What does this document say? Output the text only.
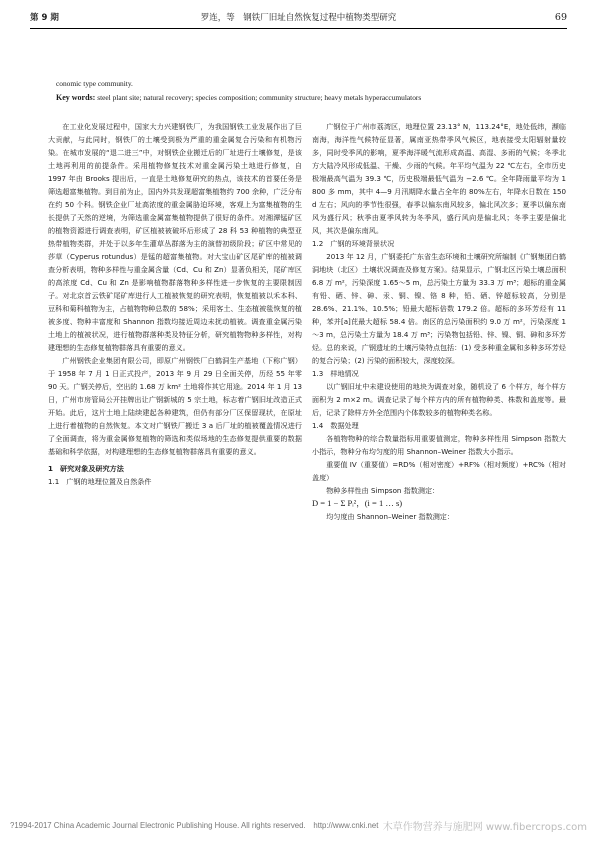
第 9 期	罗连，等　钢铁厂旧址自然恢复过程中植物类型研究	69
conomic type community.
Key words: steel plant site; natural recovery; species composition; community structure; heavy metals hyperaccumulators

在工业化发展过程中，国家大力兴建钢铁厂，为我国钢铁工业发展作出了巨大贡献，与此同时，钢铁厂的土壤受到极为严重的重金属复合污染和有机物污染。在城市发展的“退二进三”中，对钢铁企业搬迁后的厂址进行土壤修复，是该土地再利用的前提条件。采用植物修复技术对重金属污染土地进行修复，自 1997 年由 Brooks 提出后，一直是土地修复研究的热点，该技术的首要任务是筛选超富集植物。到目前为止，国内外共发现超富集植物约 700 余种，广泛分布在约 50 个科。钢铁企业厂址高浓度的重金属胁迫环境，客观上为富集植物的生长提供了天然的逆境，为筛选重金属富集植物提供了很好的条件。对湘潭锰矿区的植物资源进行调查表明，矿区植被被破坏后形成了 28 科 53 种植物的典型亚热带植物类群，并处于以多年生灌草丛群落为主的演替初级阶段；矿区中常见的莎草（Cyperus rotundus）是锰的超富集植物。对大宝山矿区尾矿库的植被调查分析表明，物种多样性与重金属含量（Cd、Cu 和 Zn）显著负相关，尾矿库区的高浓度 Cd、Cu 和 Zn 是影响植物群落物种多样性进一步恢复的主要限制因子。对北京首云铁矿尾矿库进行人工植被恢复的研究表明，恢复植被以禾本科、豆科和菊科植物为主，占植物物种总数的 58%；采用客土、生态植被毯恢复的植被多度、物种丰富度和 Shannon 指数均接近周边未扰动植被。调查重金属污染土地上的植被状况，进行植物群落种类及特征分析，研究植物物种多样性，对构建理想的生态修复植物群落具有重要的意义。

广州钢铁企业集团有限公司，即原广州钢铁厂白鹤洞生产基地（下称广钢）于 1958 年 7 月 1 日正式投产，2013 年 9 月 29 日全面关停，历经 55 年零 90 天。广钢关停后，空出的 1.68 万 km² 土地将作其它用途。2014 年 1 月 13 日，广州市房管局公开挂牌出让广钢新城的 5 宗土地，标志着广钢旧址改造正式开始。此后，这片土地上陆续建起各种建筑，但仍有部分厂区保留现状，在原址上进行着植物的自然恢复。本文对广钢铁厂搬迁 3 a 后厂址的植被覆盖情况进行了全面调查，将为重金属修复植物的筛选和类似场地的生态修复提供重要的数据基础和科学依据，对构建理想的生态修复植物群落具有重要的意义。

1　研究对象及研究方法

1.1　广钢的地理位置及自然条件

广钢位于广州市荔湾区，地理位置 23.13° N，113.24°E，地处低纬，濒临南海，海洋性气候特征显著，属南亚热带季风气候区，地表接受太阳辐射量较多，同时受季风的影响，夏季海洋暖气流形成高温、高湿、多雨的气候；冬季北方大陆冷风形成低温、干燥、少雨的气候。年平均气温为 22 ℃左右，全市历史极端最高气温为 39.3 ℃，历史极端最低气温为 −2.6 ℃。全年降雨量平均为 1 800 多 mm，其中 4—9 月汛期降水量占全年的 80%左右，年降水日数在 150 d 左右；风向的季节性很强，春季以偏东南风较多，偏北风次多；夏季以偏东南风为盛行风；秋季由夏季风转为冬季风，盛行风向是偏北风；冬季主要是偏北风，其次是偏东南风。

1.2　广钢的环境背景状况

2013 年 12 月，广钢委托广东省生态环境和土壤研究所编制《广钢集团白鹤洞地块（北区）土壤状况调查及修复方案》。结果显示，广钢北区污染土壤总面积 6.8 万 m²，污染深度 1.65～5 m，总污染土方量为 33.3 万 m³；超标的重金属有铅、硒、锌、砷、汞、铜、镍、铬 8 种，铅、硒、锌超标较高，分别是 28.6%、21.1%、10.5%；铅最大超标倍数 179.2 倍。超标的多环芳烃有 11 种，苯并[a]芘最大超标 58.4 倍。南区的总污染面积约 9.0 万 m²，污染深度 1～3 m，总污染土方量为 18.4 万 m³；污染物包括铅、锌、镍、铜、砷和多环芳烃。总的来说，广钢遗址的土壤污染特点包括：(1) 受多种重金属和多种多环芳烃的复合污染；(2) 污染的面积较大，深度较深。

1.3　样地情况

以广钢旧址中未建设使用的地块为调查对象，随机设了 6 个样方，每个样方面积为 2 m×2 m。调查记录了每个样方内的所有植物种类、株数和盖度等。最后，记录了除样方外全范围内个体数较多的植物种类名称。

1.4　数据处理

各植物物种的综合数量指标用重要值测定，物种多样性用 Simpson 指数大小指示，物种分布均匀度的用 Shannon–Weiner 指数大小指示。

重要值 IV（重要值）=RD%（相对密度）+RF%（相对频度）+RC%（相对盖度）

物种多样性由 Simpson 指数测定：

D = 1 − Σ Pᵢ²，(i = 1 … s)

均匀度由 Shannon–Weiner 指数测定：

?1994-2017 China Academic Journal Electronic Publishing House. All rights reserved.　http://www.cnki.net 木草作物营养与施肥网 www.fibercrops.com
